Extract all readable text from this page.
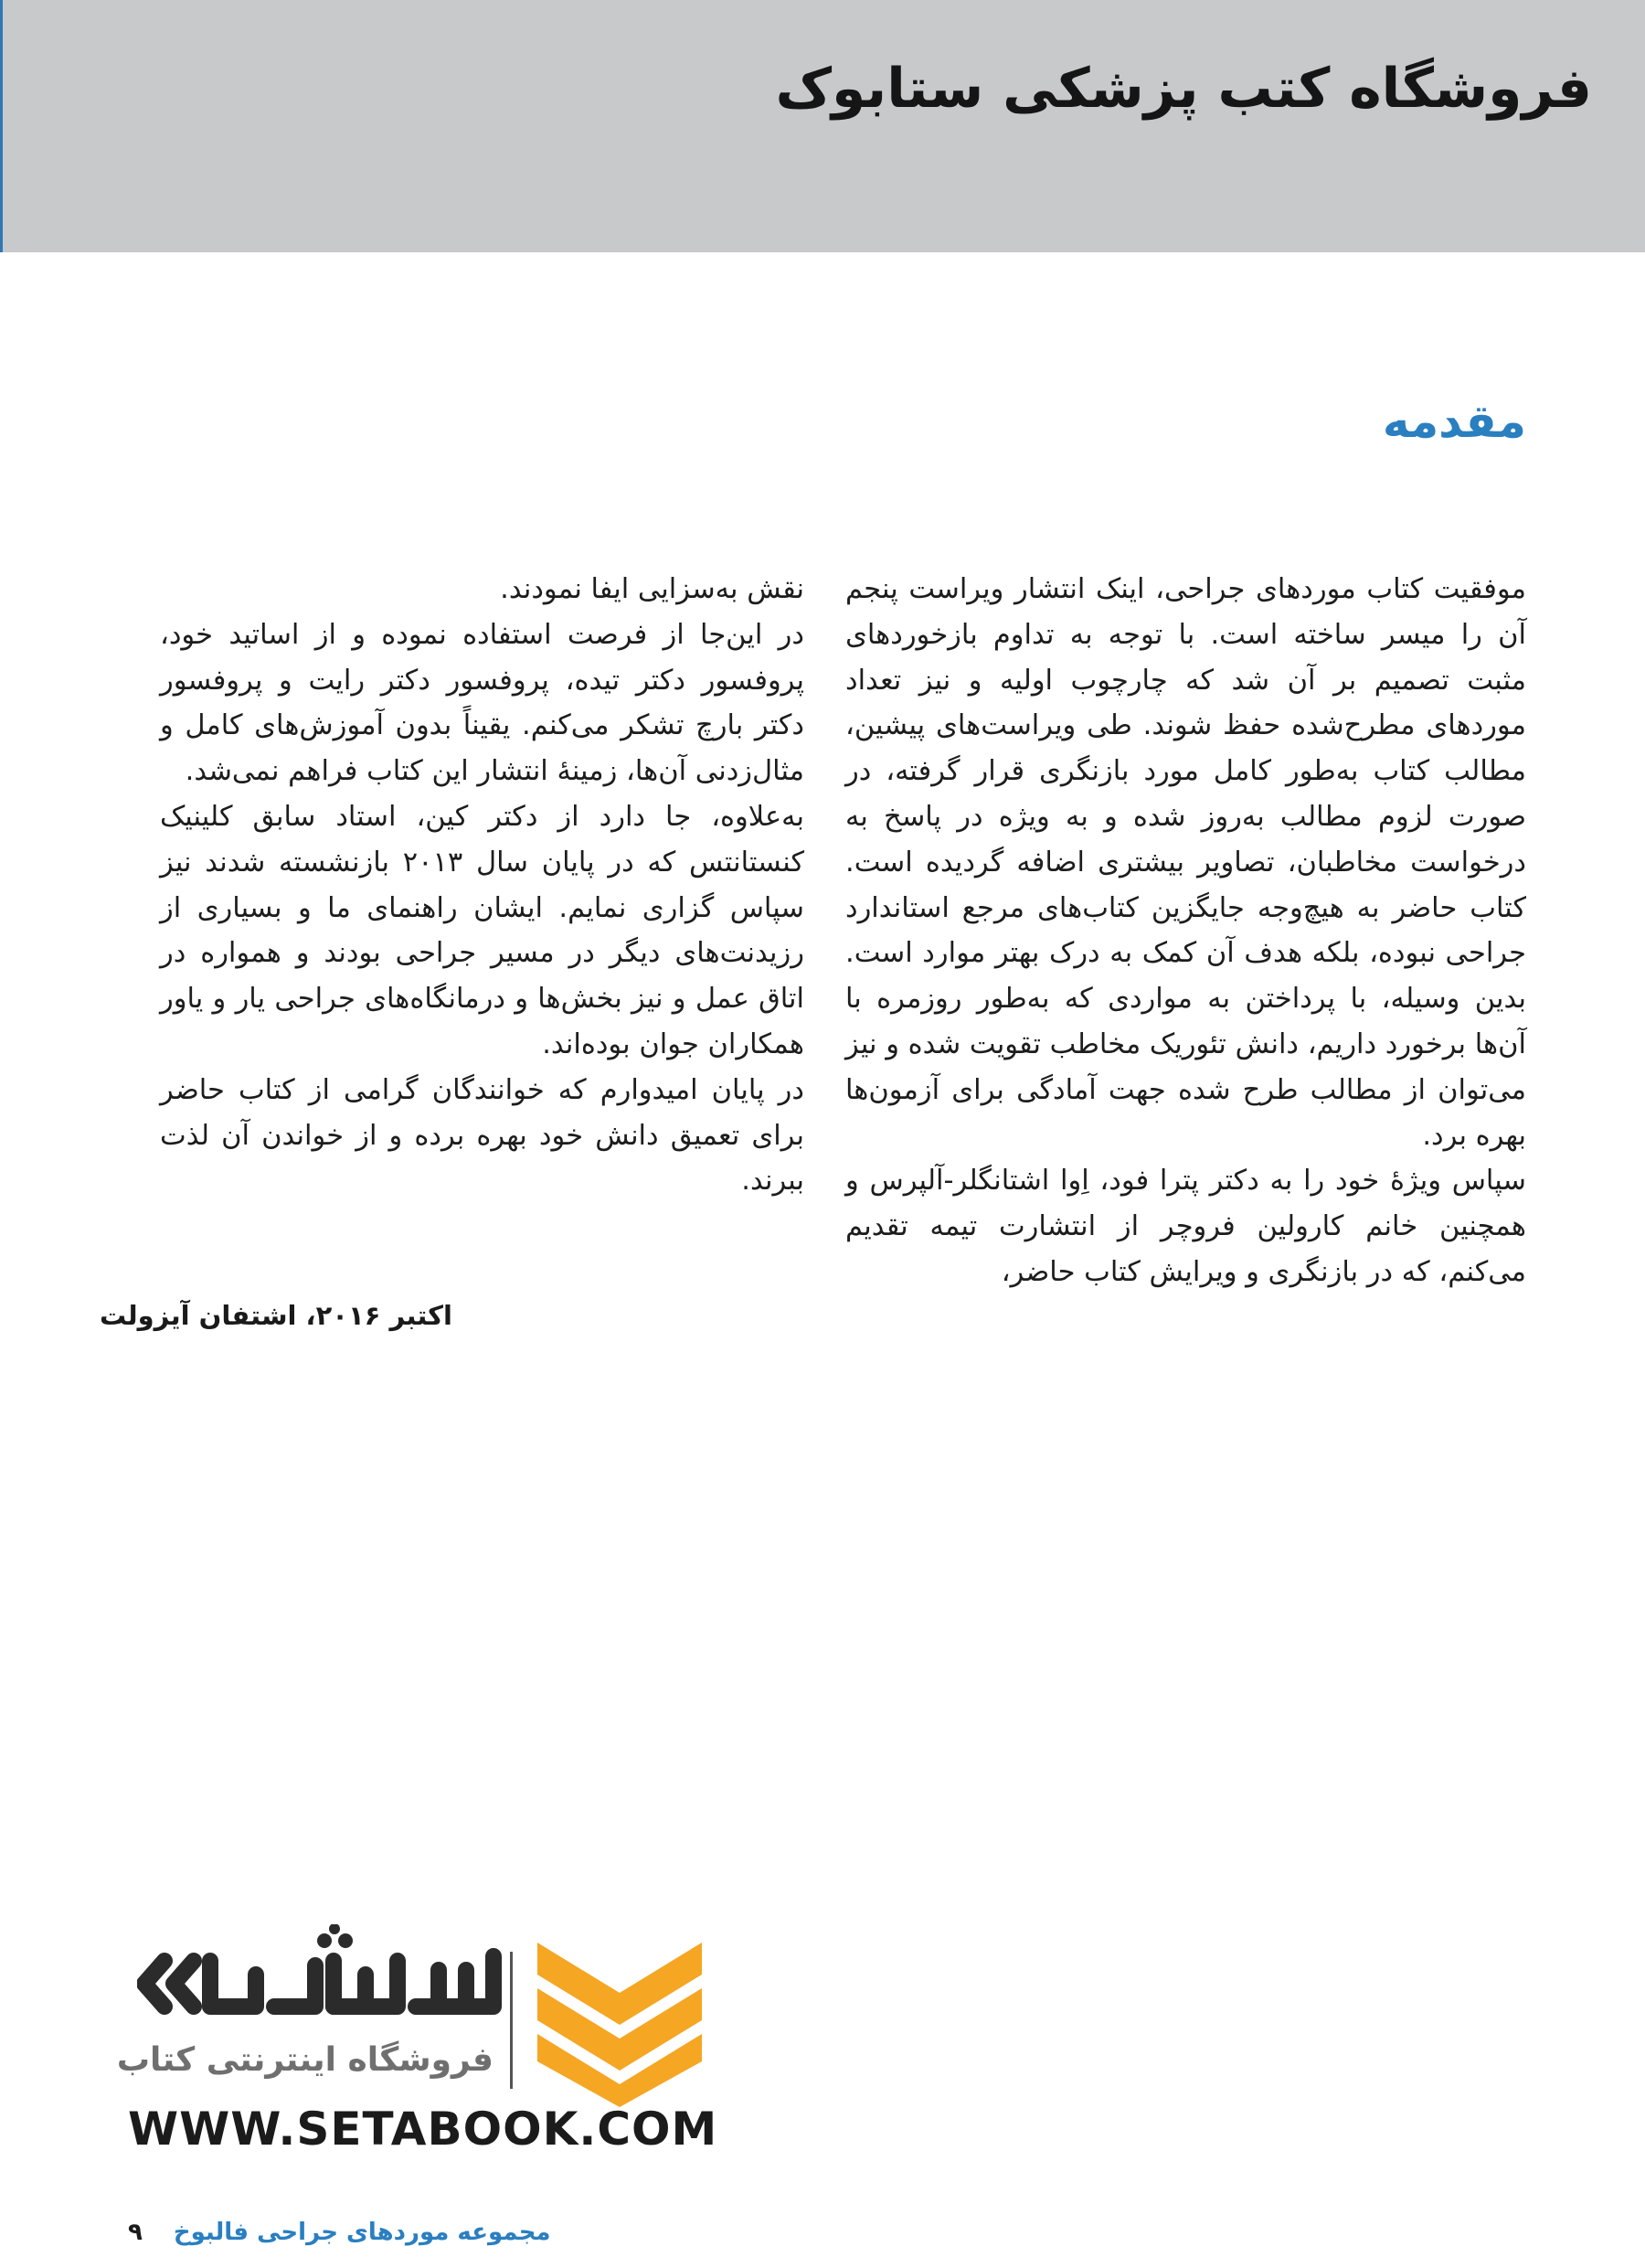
فروشگاه کتب پزشکی ستابوک
مقدمه

موفقیت کتاب موردهای جراحی، اینک انتشار ویراست پنجم آن را میسر ساخته است. با توجه به تداوم بازخوردهای مثبت تصمیم بر آن شد که چارچوب اولیه و نیز تعداد موردهای مطرح‌شده حفظ شوند. طی ویراست‌های پیشین، مطالب کتاب به‌طور کامل مورد بازنگری قرار گرفته، در صورت لزوم مطالب به‌روز شده و به ویژه در پاسخ به درخواست مخاطبان، تصاویر بیشتری اضافه گردیده است. کتاب حاضر به هیچ‌وجه جایگزین کتاب‌های مرجع استاندارد جراحی نبوده، بلکه هدف آن کمک به درک بهتر موارد است. بدین وسیله، با پرداختن به مواردی که به‌طور روزمره با آن‌ها برخورد داریم، دانش تئوریک مخاطب تقویت شده و نیز می‌توان از مطالب طرح شده جهت آمادگی برای آزمون‌ها بهره برد.

سپاس ویژهٔ خود را به دکتر پترا فود، اِوا اشتانگلر-آلپرس و همچنین خانم کارولین فروچر از انتشارت تیمه تقدیم می‌کنم، که در بازنگری و ویرایش کتاب حاضر،

نقش به‌سزایی ایفا نمودند.

در این‌جا از فرصت استفاده نموده و از اساتید خود، پروفسور دکتر تیده، پروفسور دکتر رایت و پروفسور دکتر بارچ تشکر می‌کنم. یقیناً بدون آموزش‌های کامل و مثال‌زدنی آن‌ها، زمینهٔ انتشار این کتاب فراهم نمی‌شد.

به‌علاوه، جا دارد از دکتر کین، استاد سابق کلینیک کنستانتس که در پایان سال ۲۰۱۳ بازنشسته شدند نیز سپاس گزاری نمایم. ایشان راهنمای ما و بسیاری از رزیدنت‌های دیگر در مسیر جراحی بودند و همواره در اتاق عمل و نیز بخش‌ها و درمانگاه‌های جراحی یار و یاور همکاران جوان بوده‌اند.

در پایان امیدوارم که خوانندگان گرامی از کتاب حاضر برای تعمیق دانش خود بهره برده و از خواندن آن لذت ببرند.

اکتبر ۲۰۱۶، اشتفان آیزولت
فروشگاه اینترنتی کتاب
WWW.SETABOOK.COM
مجموعه موردهای جراحی فالبوخ۹
